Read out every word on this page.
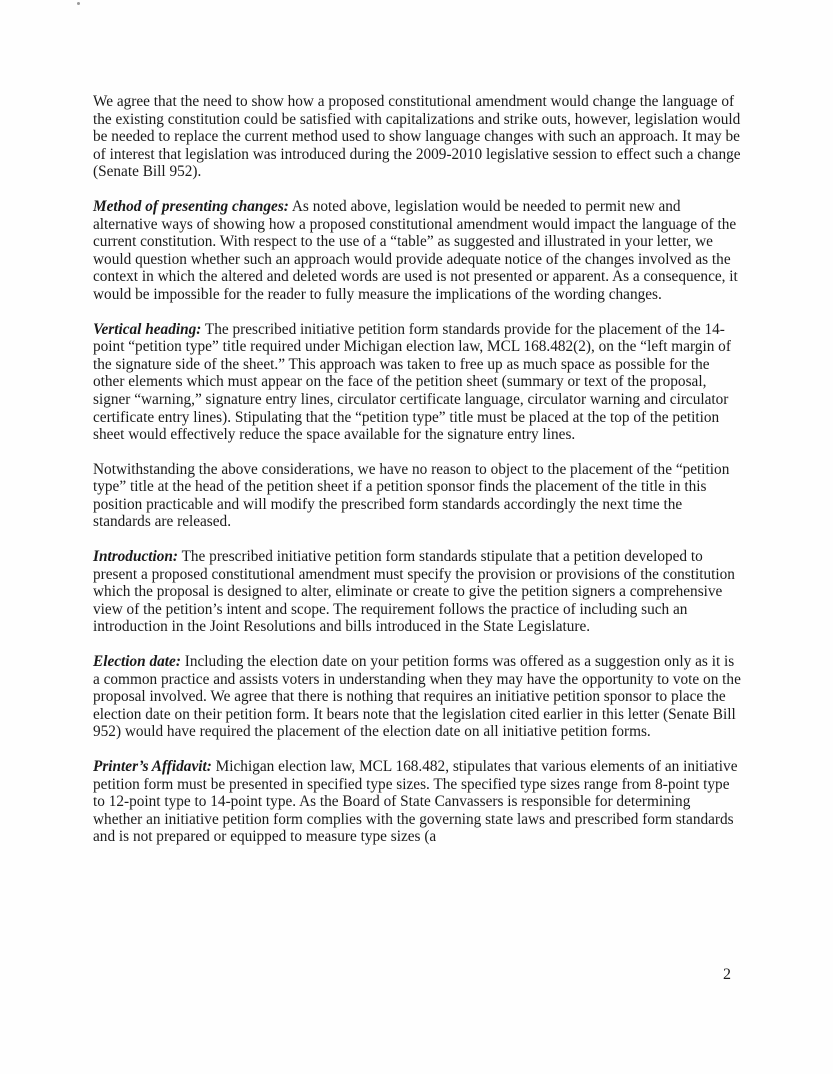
We agree that the need to show how a proposed constitutional amendment would change the language of the existing constitution could be satisfied with capitalizations and strike outs, however, legislation would be needed to replace the current method used to show language changes with such an approach. It may be of interest that legislation was introduced during the 2009-2010 legislative session to effect such a change (Senate Bill 952).

Method of presenting changes: As noted above, legislation would be needed to permit new and alternative ways of showing how a proposed constitutional amendment would impact the language of the current constitution. With respect to the use of a “table” as suggested and illustrated in your letter, we would question whether such an approach would provide adequate notice of the changes involved as the context in which the altered and deleted words are used is not presented or apparent. As a consequence, it would be impossible for the reader to fully measure the implications of the wording changes.

Vertical heading: The prescribed initiative petition form standards provide for the placement of the 14-point “petition type” title required under Michigan election law, MCL 168.482(2), on the “left margin of the signature side of the sheet.” This approach was taken to free up as much space as possible for the other elements which must appear on the face of the petition sheet (summary or text of the proposal, signer “warning,” signature entry lines, circulator certificate language, circulator warning and circulator certificate entry lines). Stipulating that the “petition type” title must be placed at the top of the petition sheet would effectively reduce the space available for the signature entry lines.

Notwithstanding the above considerations, we have no reason to object to the placement of the “petition type” title at the head of the petition sheet if a petition sponsor finds the placement of the title in this position practicable and will modify the prescribed form standards accordingly the next time the standards are released.

Introduction: The prescribed initiative petition form standards stipulate that a petition developed to present a proposed constitutional amendment must specify the provision or provisions of the constitution which the proposal is designed to alter, eliminate or create to give the petition signers a comprehensive view of the petition’s intent and scope. The requirement follows the practice of including such an introduction in the Joint Resolutions and bills introduced in the State Legislature.

Election date: Including the election date on your petition forms was offered as a suggestion only as it is a common practice and assists voters in understanding when they may have the opportunity to vote on the proposal involved. We agree that there is nothing that requires an initiative petition sponsor to place the election date on their petition form. It bears note that the legislation cited earlier in this letter (Senate Bill 952) would have required the placement of the election date on all initiative petition forms.

Printer’s Affidavit: Michigan election law, MCL 168.482, stipulates that various elements of an initiative petition form must be presented in specified type sizes. The specified type sizes range from 8-point type to 12-point type to 14-point type. As the Board of State Canvassers is responsible for determining whether an initiative petition form complies with the governing state laws and prescribed form standards and is not prepared or equipped to measure type sizes (a

2
